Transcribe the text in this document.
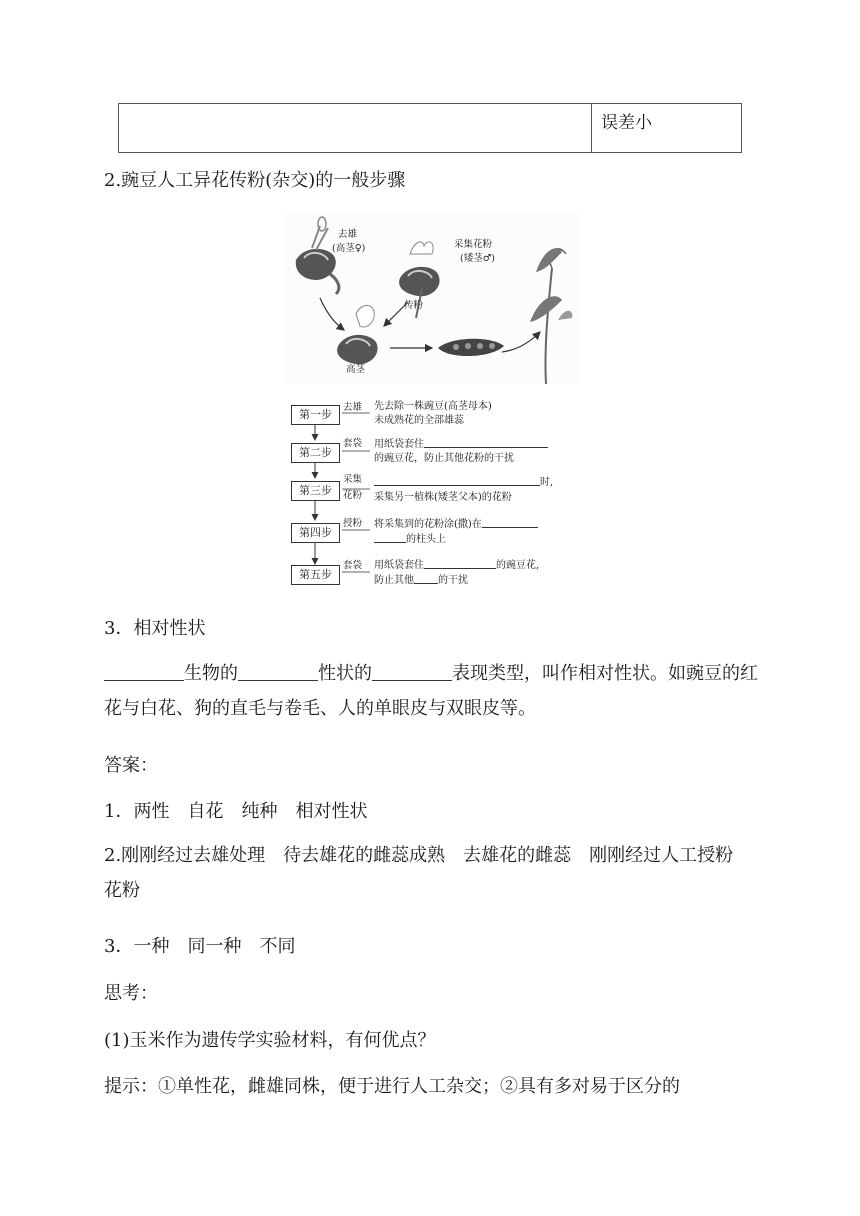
误差小
2.豌豆人工异花传粉(杂交)的一般步骤
去雄
(高茎♀)	采集花粉
(矮茎♂)
传粉
高茎
第一步
去雄 先去除一株豌豆(高茎母本)
未成熟花的全部雄蕊
第二步
套袋 用纸袋套住
的豌豆花，防止其他花粉的干扰
第三步
采集
花粉
时,
采集另一植株(矮茎父本)的花粉
第四步
授粉 将采集到的花粉涂(撒)在
的柱头上
第五步
套袋 用纸袋套住	的豌豆花,
防止其他 的干扰
3．相对性状
生物的	性状的	表现类型，叫作相对性状。如豌豆的红花与白花、狗的直毛与卷毛、人的单眼皮与双眼皮等。
答案：
1．两性　自花　纯种　相对性状
2.刚刚经过去雄处理　待去雄花的雌蕊成熟　去雄花的雌蕊　刚刚经过人工授粉　花粉
3．一种　同一种　不同
思考：
(1)玉米作为遗传学实验材料，有何优点？
提示：①单性花，雌雄同株，便于进行人工杂交；②具有多对易于区分的
